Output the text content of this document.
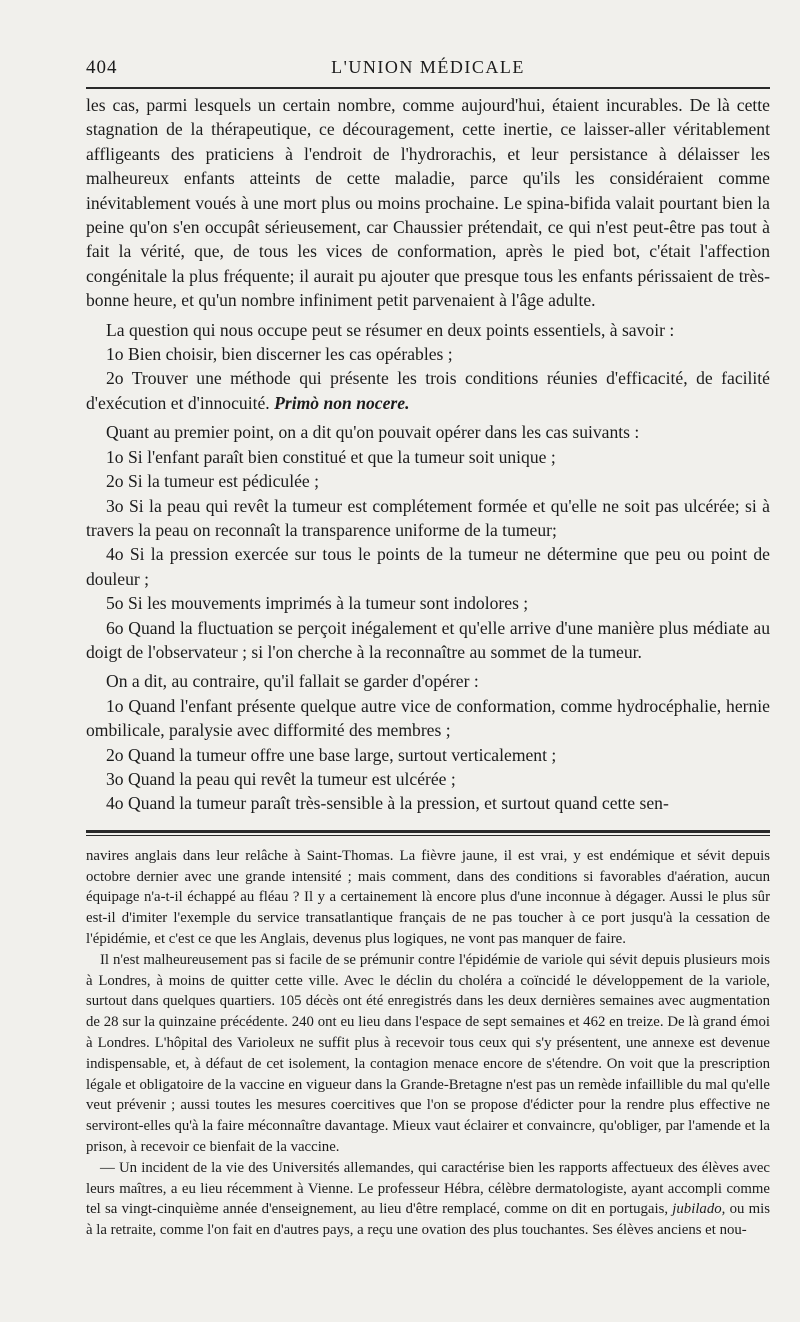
404	L'UNION MÉDICALE

les cas, parmi lesquels un certain nombre, comme aujourd'hui, étaient incurables. De là cette stagnation de la thérapeutique, ce découragement, cette inertie, ce laisser-aller véritablement affligeants des praticiens à l'endroit de l'hydrorachis, et leur persistance à délaisser les malheureux enfants atteints de cette maladie, parce qu'ils les considéraient comme inévitablement voués à une mort plus ou moins prochaine. Le spina-bifida valait pourtant bien la peine qu'on s'en occupât sérieusement, car Chaussier prétendait, ce qui n'est peut-être pas tout à fait la vérité, que, de tous les vices de conformation, après le pied bot, c'était l'affection congénitale la plus fréquente; il aurait pu ajouter que presque tous les enfants périssaient de très-bonne heure, et qu'un nombre infiniment petit parvenaient à l'âge adulte.

La question qui nous occupe peut se résumer en deux points essentiels, à savoir :

1o Bien choisir, bien discerner les cas opérables ;

2o Trouver une méthode qui présente les trois conditions réunies d'efficacité, de facilité d'exécution et d'innocuité. Primò non nocere.

Quant au premier point, on a dit qu'on pouvait opérer dans les cas suivants :

1o Si l'enfant paraît bien constitué et que la tumeur soit unique ;

2o Si la tumeur est pédiculée ;

3o Si la peau qui revêt la tumeur est complétement formée et qu'elle ne soit pas ulcérée; si à travers la peau on reconnaît la transparence uniforme de la tumeur;

4o Si la pression exercée sur tous le points de la tumeur ne détermine que peu ou point de douleur ;

5o Si les mouvements imprimés à la tumeur sont indolores ;

6o Quand la fluctuation se perçoit inégalement et qu'elle arrive d'une manière plus médiate au doigt de l'observateur ; si l'on cherche à la reconnaître au sommet de la tumeur.

On a dit, au contraire, qu'il fallait se garder d'opérer :

1o Quand l'enfant présente quelque autre vice de conformation, comme hydrocéphalie, hernie ombilicale, paralysie avec difformité des membres ;

2o Quand la tumeur offre une base large, surtout verticalement ;

3o Quand la peau qui revêt la tumeur est ulcérée ;

4o Quand la tumeur paraît très-sensible à la pression, et surtout quand cette sen-

navires anglais dans leur relâche à Saint-Thomas. La fièvre jaune, il est vrai, y est endémique et sévit depuis octobre dernier avec une grande intensité ; mais comment, dans des conditions si favorables d'aération, aucun équipage n'a-t-il échappé au fléau ? Il y a certainement là encore plus d'une inconnue à dégager. Aussi le plus sûr est-il d'imiter l'exemple du service transatlantique français de ne pas toucher à ce port jusqu'à la cessation de l'épidémie, et c'est ce que les Anglais, devenus plus logiques, ne vont pas manquer de faire.

Il n'est malheureusement pas si facile de se prémunir contre l'épidémie de variole qui sévit depuis plusieurs mois à Londres, à moins de quitter cette ville. Avec le déclin du choléra a coïncidé le développement de la variole, surtout dans quelques quartiers. 105 décès ont été enregistrés dans les deux dernières semaines avec augmentation de 28 sur la quinzaine précédente. 240 ont eu lieu dans l'espace de sept semaines et 462 en treize. De là grand émoi à Londres. L'hôpital des Varioleux ne suffit plus à recevoir tous ceux qui s'y présentent, une annexe est devenue indispensable, et, à défaut de cet isolement, la contagion menace encore de s'étendre. On voit que la prescription légale et obligatoire de la vaccine en vigueur dans la Grande-Bretagne n'est pas un remède infaillible du mal qu'elle veut prévenir ; aussi toutes les mesures coercitives que l'on se propose d'édicter pour la rendre plus effective ne serviront-elles qu'à la faire méconnaître davantage. Mieux vaut éclairer et convaincre, qu'obliger, par l'amende et la prison, à recevoir ce bienfait de la vaccine.

— Un incident de la vie des Universités allemandes, qui caractérise bien les rapports affectueux des élèves avec leurs maîtres, a eu lieu récemment à Vienne. Le professeur Hébra, célèbre dermatologiste, ayant accompli comme tel sa vingt-cinquième année d'enseignement, au lieu d'être remplacé, comme on dit en portugais, jubilado, ou mis à la retraite, comme l'on fait en d'autres pays, a reçu une ovation des plus touchantes. Ses élèves anciens et nou-
